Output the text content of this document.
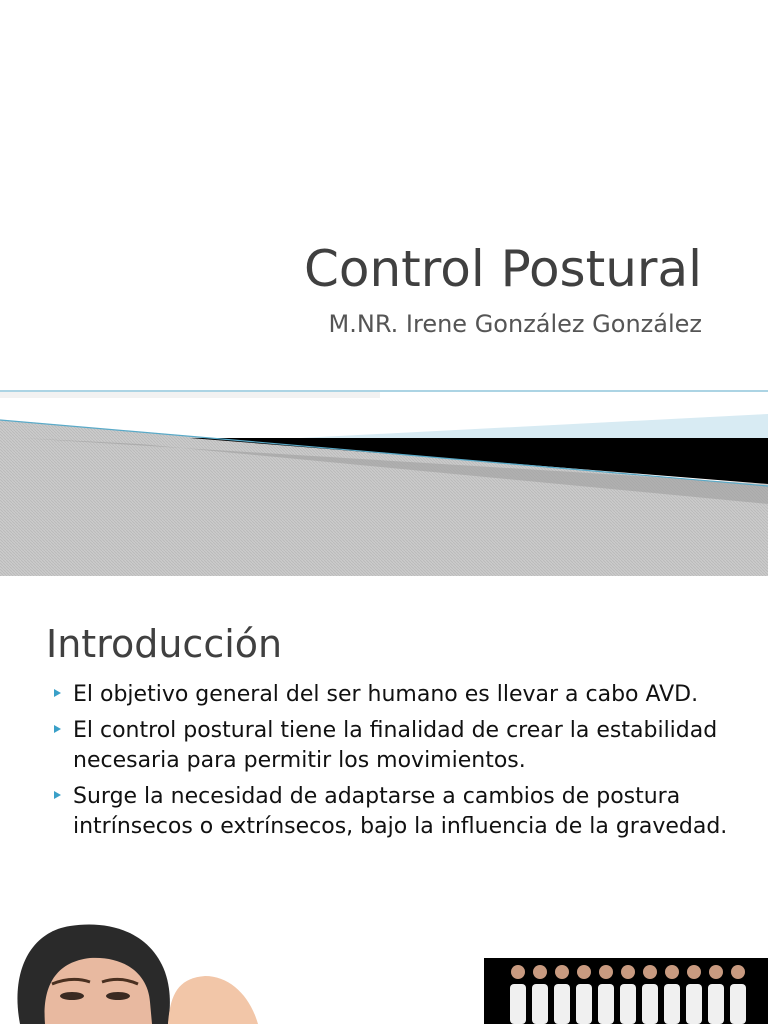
Control Postural
M.NR. Irene González González
Introducción
El objetivo general del ser humano es llevar a cabo AVD.
El control postural tiene la finalidad de crear la estabilidad necesaria para permitir los movimientos.
Surge la necesidad de adaptarse a cambios de postura intrínsecos o extrínsecos, bajo la influencia de la gravedad.
